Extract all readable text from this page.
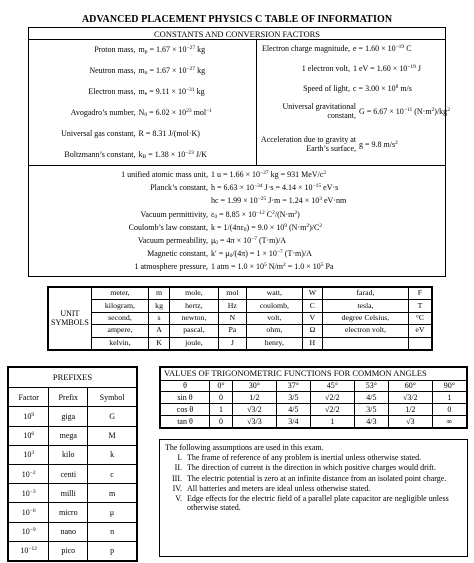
ADVANCED PLACEMENT PHYSICS C TABLE OF INFORMATION
CONSTANTS AND CONVERSION FACTORS
Proton mass, $m_p = 1.67 \times 10^{-27}$ kg
Neutron mass, $m_n = 1.67 \times 10^{-27}$ kg
Electron mass, $m_e = 9.11 \times 10^{-31}$ kg
Avogadro’s number, $N_0 = 6.02 \times 10^{23}$ mol$^{-1}$
Universal gas constant, R = 8.31 J/(mol·K)
Boltzmann’s constant, $k_B = 1.38 \times 10^{-23}$ J/K
Electron charge magnitude, $e = 1.60 \times 10^{-19}$ C
1 electron volt, 1 eV = $1.60 \times 10^{-19}$ J
Speed of light, $c = 3.00 \times 10^8$ m/s
Universal gravitational constant,
$G = 6.67 \times 10^{-11}$ $(N\cdot m^2)/kg^2$
Acceleration due to gravity at Earth’s surface,
g = 9.8 $m/s^2$
1 unified atomic mass unit, 1 $u = 1.66 \times 10^{-27}$ kg = 931 MeV/$c^2$
Planck’s constant, $h = 6.63 \times 10^{-34}$ $J\cdot s = 4.14 \times 10^{-15}$ eV·s
hc = $1.99 \times 10^{-25}$ $J\cdot m = 1.24 \times 10^3$ eV·nm
Vacuum permittivity, $\varepsilon_0 = 8.85 \times 10^{-12}$ $C^2/(N\cdot m^2)$
Coulomb’s law constant, $k = 1/(4\pi\varepsilon_0) = 9.0 \times 10^9$ $(N\cdot m^2)/C^2$
Vacuum permeability, $\mu_0 = 4\pi \times 10^{-7}$ (T·m)/A
Magnetic constant, $k' = \mu_0/(4\pi) = 1 \times 10^{-7}$ (T·m)/A
1 atmosphere pressure, 1 atm = $1.0 \times 10^5$ $N/m^2 = 1.0 \times 10^5$ Pa
UNIT SYMBOLS	meter,	m	mole,	mol	watt,	W	farad,	F
	kilogram,	kg	hertz,	Hz	coulomb,	C	tesla,	T
	second,	s	newton,	N	volt,	V	degree Celsius,	°C
	ampere,	A	pascal,	Pa	ohm,	Ω	electron volt,	eV
	kelvin,	K	joule,	J	henry,	H		
PREFIXES		
Factor	Prefix	Symbol
$10^9$	giga	G
$10^6$	mega	M
$10^3$	kilo	k
$10^{-2}$	centi	c
$10^{-3}$	milli	m
$10^{-6}$	micro	μ
$10^{-9}$	nano	n
$10^{-12}$	pico	p
VALUES OF TRIGONOMETRIC FUNCTIONS FOR COMMON ANGLES							
θ	0°	30°	37°	45°	53°	60°	90°
sin θ	0	1/2	3/5	√2/2	4/5	√3/2	1
cos θ	1	√3/2	4/5	√2/2	3/5	1/2	0
tan θ	0	√3/3	3/4	1	4/3	√3	∞
The following assumptions are used in this exam.
I. The frame of reference of any problem is inertial unless otherwise stated.
II. The direction of current is the direction in which positive charges would drift.
III. The electric potential is zero at an infinite distance from an isolated point charge.
IV. All batteries and meters are ideal unless otherwise stated.
V. Edge effects for the electric field of a parallel plate capacitor are negligible unless otherwise stated.
